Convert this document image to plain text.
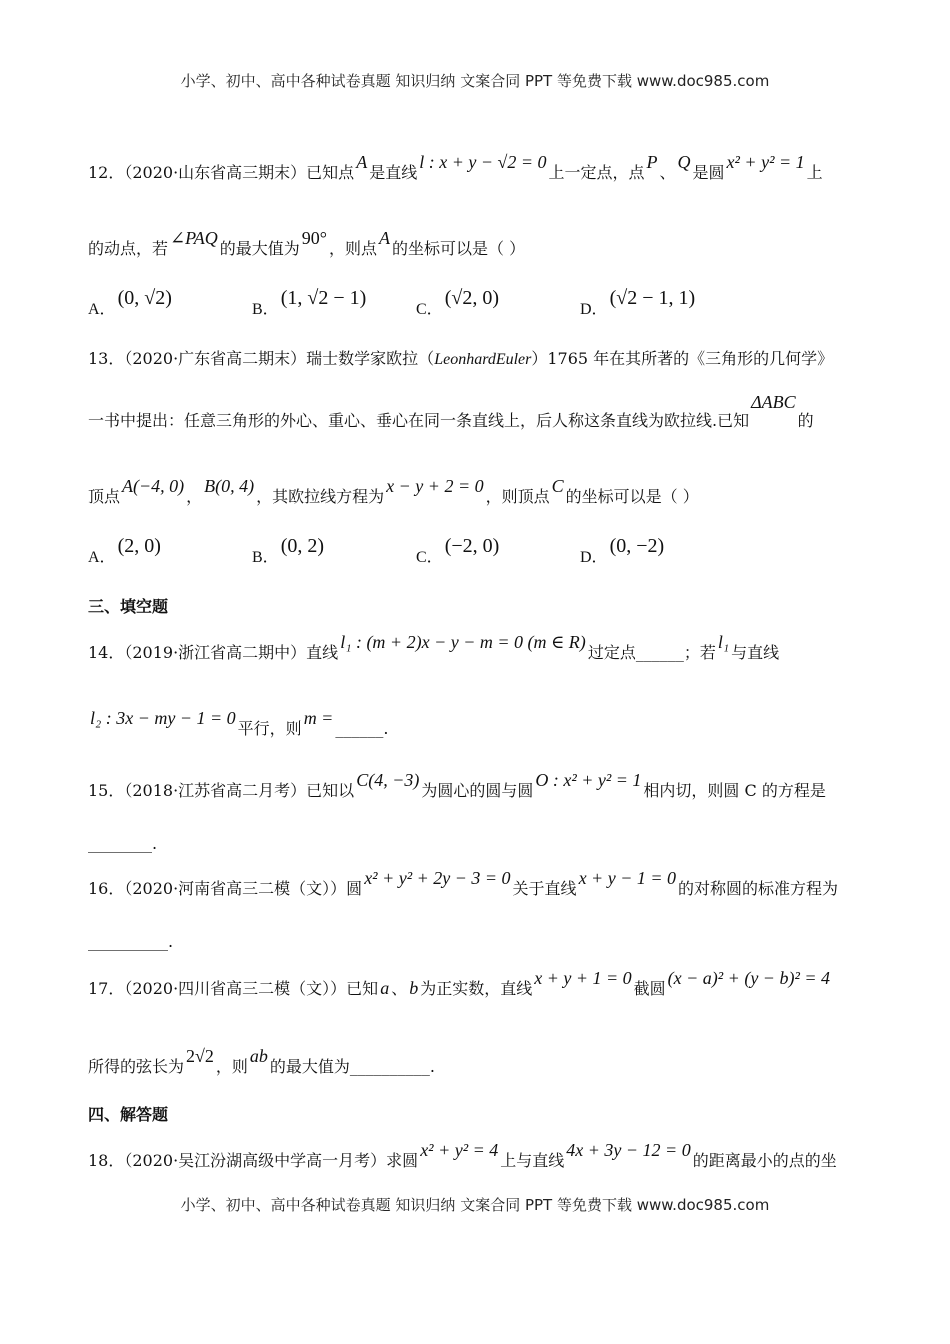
小学、初中、高中各种试卷真题 知识归纳 文案合同 PPT 等免费下载 www.doc985.com
12．（2020·山东省高三期末）已知点A是直线l : x + y − √2 = 0上一定点，点P、Q是圆x² + y² = 1上
的动点，若∠PAQ的最大值为90°，则点A的坐标可以是（ ）
A．(0, √2)
B．(1, √2 − 1)
C．(√2, 0)
D．(√2 − 1, 1)
13．（2020·广东省高二期末）瑞士数学家欧拉（LeonhardEuler）1765 年在其所著的《三角形的几何学》
一书中提出：任意三角形的外心、重心、垂心在同一条直线上，后人称这条直线为欧拉线.已知ΔABC的
顶点A(−4, 0)，B(0, 4)，其欧拉线方程为x − y + 2 = 0，则顶点C的坐标可以是（ ）
A．(2, 0)
B．(0, 2)
C．(−2, 0)
D．(0, −2)
三、填空题
14．（2019·浙江省高二期中）直线l₁ : (m + 2)x − y − m = 0 (m ∈ R)过定点______；若l₁与直线
l₂ : 3x − my − 1 = 0平行，则m =______.
15．（2018·江苏省高二月考）已知以C(4, −3)为圆心的圆与圆O : x² + y² = 1相内切，则圆 C 的方程是
________.
16．（2020·河南省高三二模（文））圆x² + y² + 2y − 3 = 0关于直线x + y − 1 = 0的对称圆的标准方程为
__________.
17．（2020·四川省高三二模（文））已知 a 、 b 为正实数，直线x + y + 1 = 0截圆(x − a)² + (y − b)² = 4
所得的弦长为2√2，则ab的最大值为__________.
四、解答题
18．（2020·吴江汾湖高级中学高一月考）求圆x² + y² = 4上与直线4x + 3y − 12 = 0的距离最小的点的坐
小学、初中、高中各种试卷真题 知识归纳 文案合同 PPT 等免费下载 www.doc985.com
